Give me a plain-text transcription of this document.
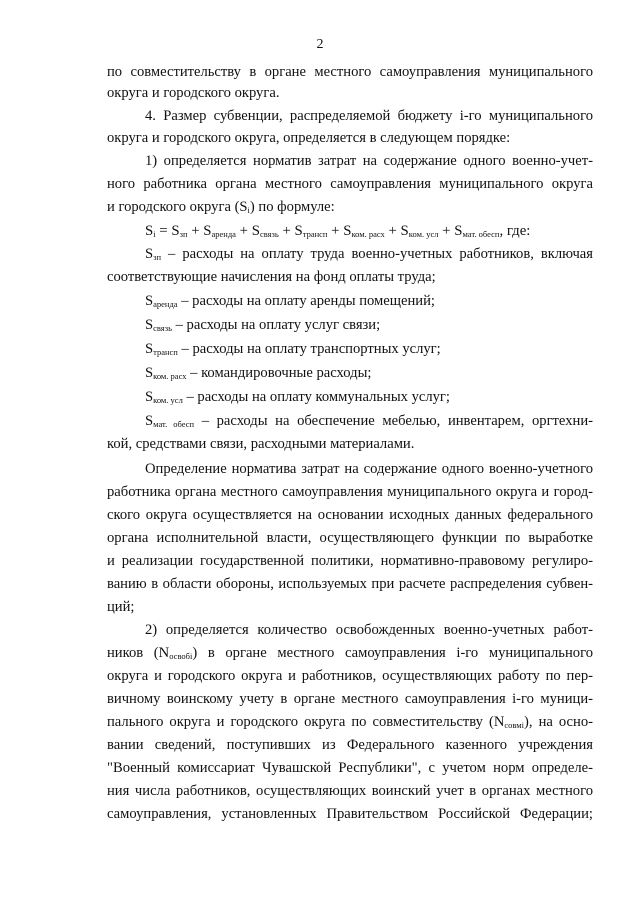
2
по совместительству в органе местного самоуправления муниципального
округа и городского округа.
4. Размер субвенции, распределяемой бюджету i-го муниципального
округа и городского округа, определяется в следующем порядке:
1) определяется норматив затрат на содержание одного военно-учет-
ного работника органа местного самоуправления муниципального округа
и городского округа $(S_i)$ по формуле:
$S_i = S_{зп} + S_{аренда} + S_{связь} + S_{трансп} + S_{ком. расх} + S_{ком. усл} + S_{мат. обесп}$, где:
$S_{зп}$ – расходы на оплату труда военно-учетных работников, включая
соответствующие начисления на фонд оплаты труда;
$S_{аренда}$ – расходы на оплату аренды помещений;
$S_{связь}$ – расходы на оплату услуг связи;
$S_{трансп}$ – расходы на оплату транспортных услуг;
$S_{ком. расх}$ – командировочные расходы;
$S_{ком. усл}$ – расходы на оплату коммунальных услуг;
$S_{мат. обесп}$ – расходы на обеспечение мебелью, инвентарем, оргтехни-
кой, средствами связи, расходными материалами.
Определение норматива затрат на содержание одного военно-учетного
работника органа местного самоуправления муниципального округа и город-
ского округа осуществляется на основании исходных данных федерального
органа исполнительной власти, осуществляющего функции по выработке
и реализации государственной политики, нормативно-правовому регулиро-
ванию в области обороны, используемых при расчете распределения субвен-
ций;
2) определяется количество освобожденных военно-учетных работ-
ников $(N_{освобi})$ в органе местного самоуправления i-го муниципального
округа и городского округа и работников, осуществляющих работу по пер-
вичному воинскому учету в органе местного самоуправления i-го муници-
пального округа и городского округа по совместительству $(N_{совмi})$, на осно-
вании сведений, поступивших из Федерального казенного учреждения
"Военный комиссариат Чувашской Республики", с учетом норм определе-
ния числа работников, осуществляющих воинский учет в органах местного
самоуправления, установленных Правительством Российской Федерации;
